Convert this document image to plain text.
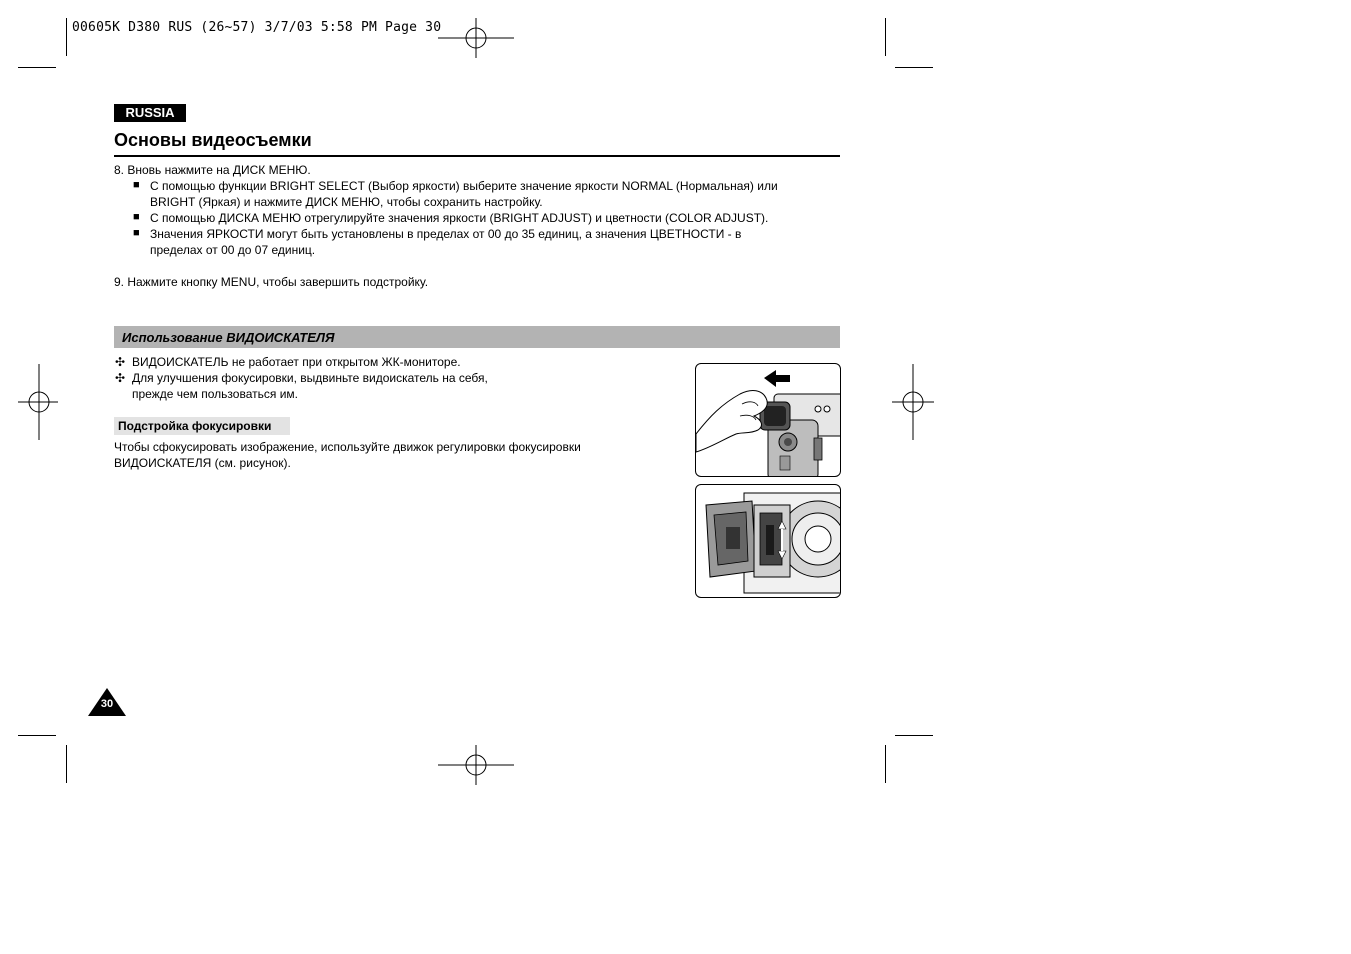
00605K D380 RUS (26~57) 3/7/03 5:58 PM Page 30
RUSSIA
Основы видеосъемки
8. Вновь нажмите на ДИСК МЕНЮ.
■ С помощью функции BRIGHT SELECT (Выбор яркости) выберите значение яркости NORMAL (Нормальная) или
BRIGHT (Яркая) и нажмите ДИСК МЕНЮ, чтобы сохранить настройку.
■ С помощью ДИСКА МЕНЮ отрегулируйте значения яркости (BRIGHT ADJUST) и цветности (COLOR ADJUST).
■ Значения ЯРКОСТИ могут быть установлены в пределах от 00 до 35 единиц, а значения ЦВЕТНОСТИ - в
пределах от 00 до 07 единиц.
9. Нажмите кнопку MENU, чтобы завершить подстройку.
Использование ВИДОИСКАТЕЛЯ
✣ ВИДОИСКАТЕЛЬ не работает при открытом ЖК-мониторе.
✣ Для улучшения фокусировки, выдвиньте видоискатель на себя,
прежде чем пользоваться им.
Подстройка фокусировки
Чтобы сфокусировать изображение, используйте движок регулировки фокусировки
ВИДОИСКАТЕЛЯ (см. рисунок).
30
